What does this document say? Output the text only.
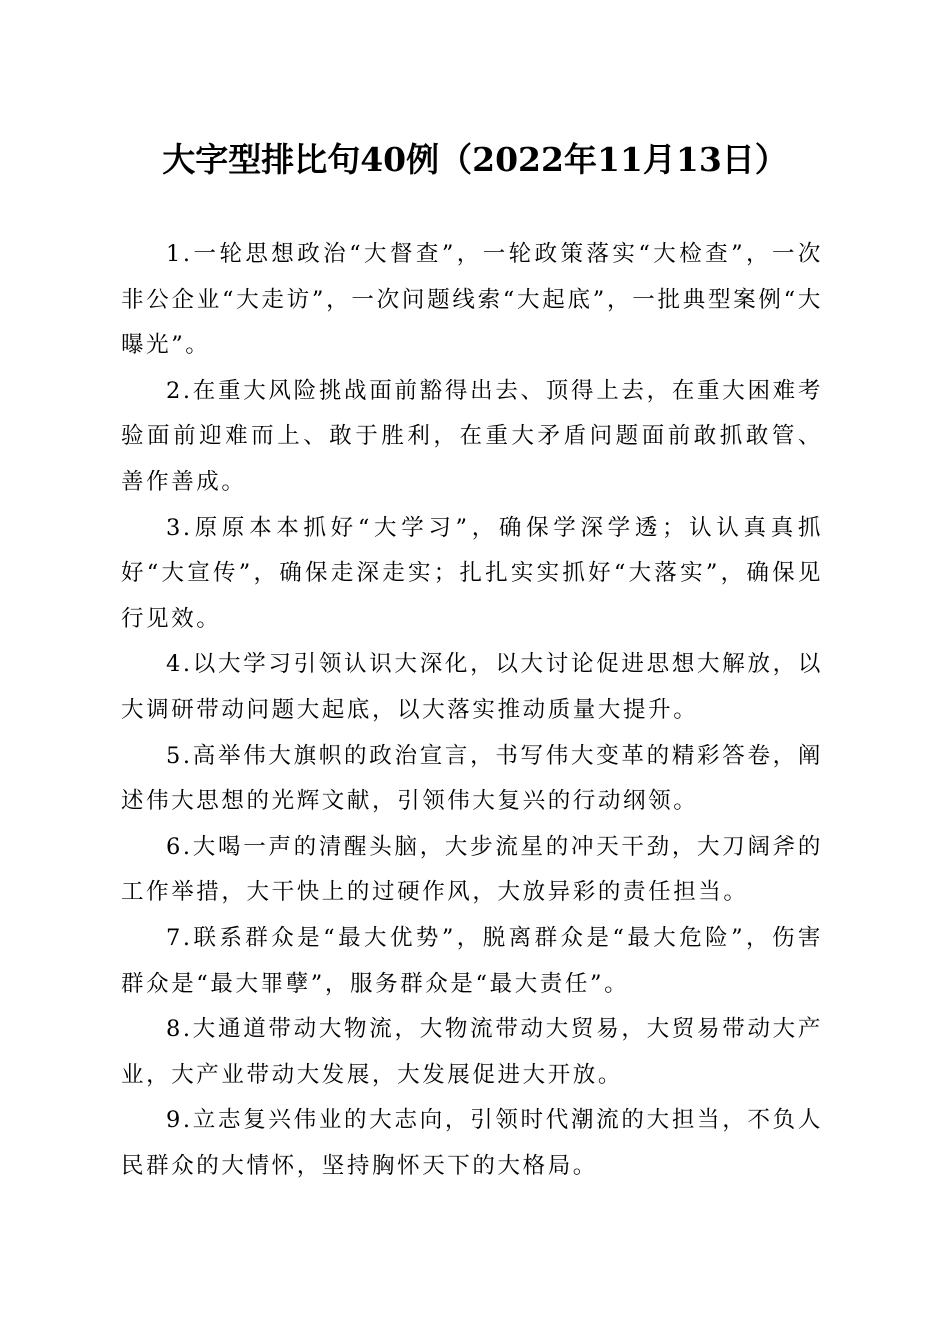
大字型排比句40例（2022年11月13日）

1.一轮思想政治“大督查”，一轮政策落实“大检查”，一次非公企业“大走访”，一次问题线索“大起底”，一批典型案例“大曝光”。

2.在重大风险挑战面前豁得出去、顶得上去，在重大困难考验面前迎难而上、敢于胜利，在重大矛盾问题面前敢抓敢管、善作善成。

3.原原本本抓好“大学习”，确保学深学透；认认真真抓好“大宣传”，确保走深走实；扎扎实实抓好“大落实”，确保见行见效。

4.以大学习引领认识大深化，以大讨论促进思想大解放，以大调研带动问题大起底，以大落实推动质量大提升。

5.高举伟大旗帜的政治宣言，书写伟大变革的精彩答卷，阐述伟大思想的光辉文献，引领伟大复兴的行动纲领。

6.大喝一声的清醒头脑，大步流星的冲天干劲，大刀阔斧的工作举措，大干快上的过硬作风，大放异彩的责任担当。

7.联系群众是“最大优势”，脱离群众是“最大危险”，伤害群众是“最大罪孽”，服务群众是“最大责任”。

8.大通道带动大物流，大物流带动大贸易，大贸易带动大产业，大产业带动大发展，大发展促进大开放。

9.立志复兴伟业的大志向，引领时代潮流的大担当，不负人民群众的大情怀，坚持胸怀天下的大格局。
